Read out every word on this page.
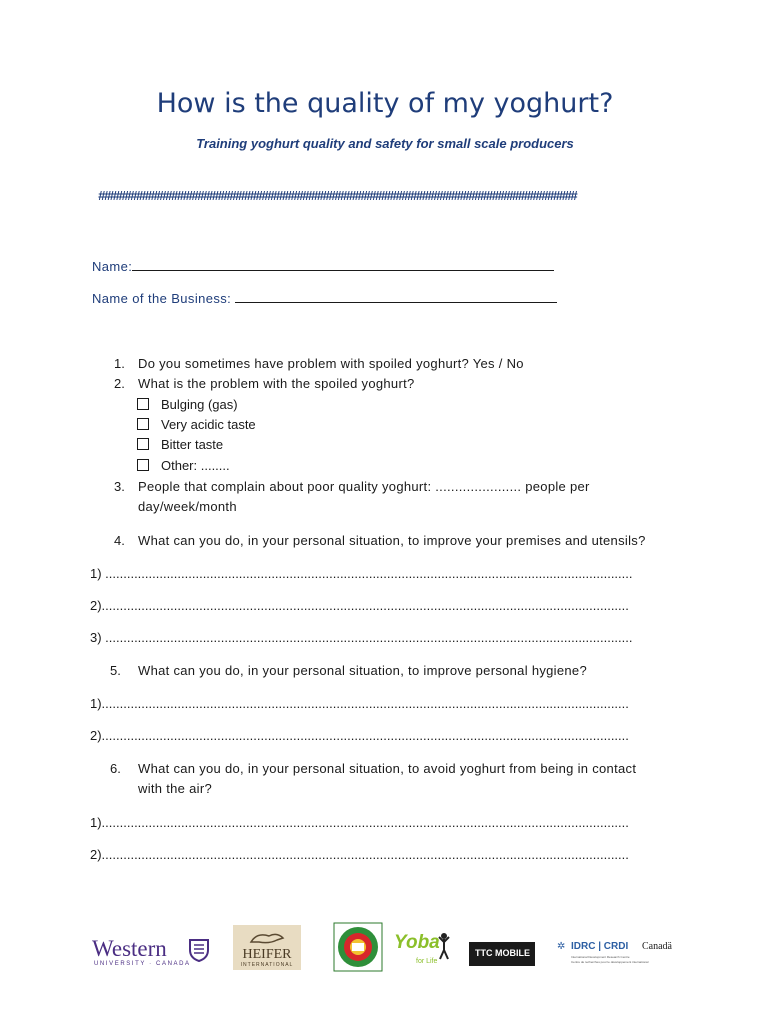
How is the quality of my yoghurt?
Training yoghurt quality and safety for small scale producers
##################################################################################
Name:
Name of the Business:
1. Do you sometimes have problem with spoiled yoghurt? Yes / No
2. What is the problem with the spoiled yoghurt?
Bulging (gas)
Very acidic taste
Bitter taste
Other: ........
3. People that complain about poor quality yoghurt: ...................... people per
day/week/month
4. What can you do, in your personal situation, to improve your premises and utensils?
1) ..................................................................................................................................................
2)..................................................................................................................................................
3) ..................................................................................................................................................
5. What can you do, in your personal situation, to improve personal hygiene?
1)..................................................................................................................................................
2)..................................................................................................................................................
6. What can you do, in your personal situation, to avoid yoghurt from being in contact
with the air?
1)..................................................................................................................................................
2)..................................................................................................................................................
Western
UNIVERSITY · CANADA
HEIFER
INTERNATIONAL
Yoba
for Life
TTC MOBILE
✲ IDRC | CRDI Canadä
International Development Research Centre
Centre de recherches pour le développement international
